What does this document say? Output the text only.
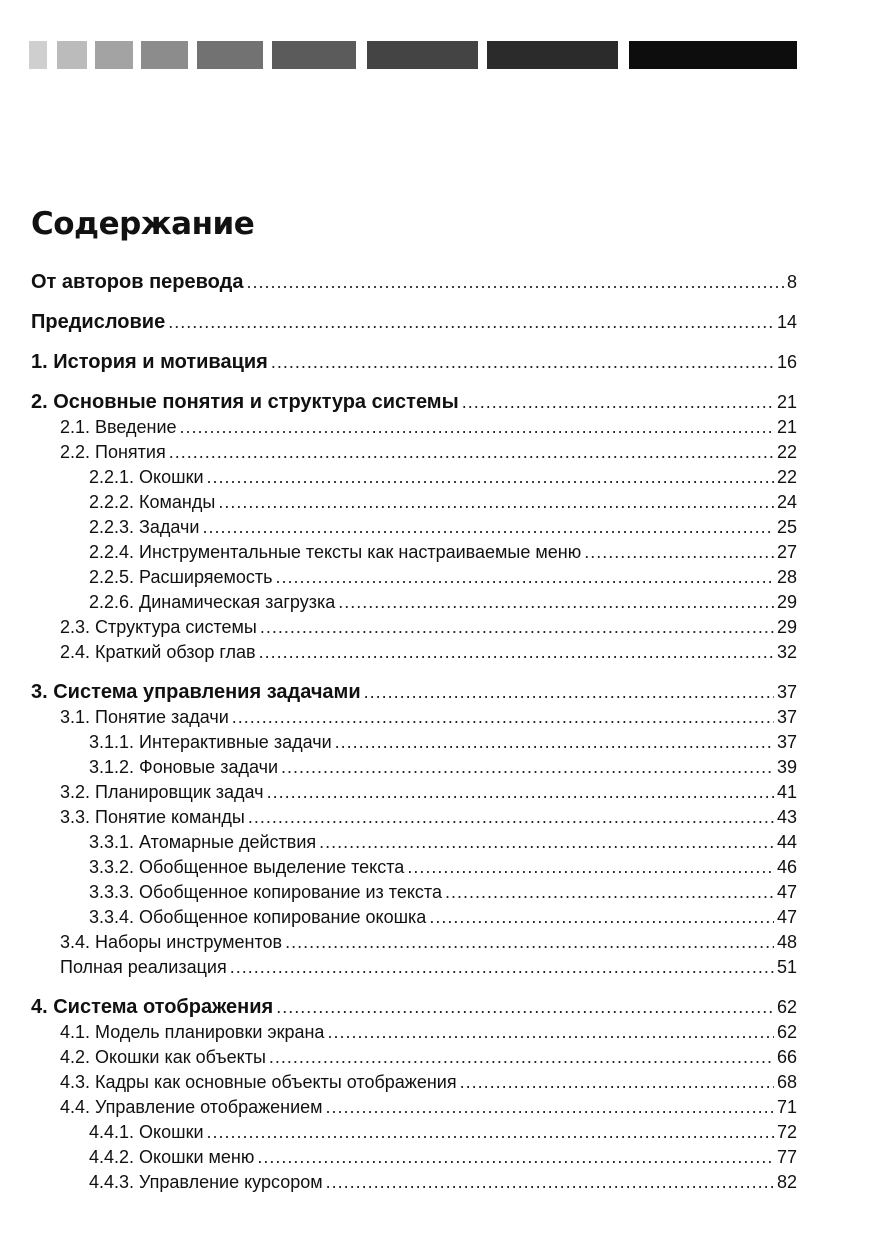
Содержание
От авторов перевода .....	8
Предисловие .....	14
1. История и мотивация .....	16
2. Основные понятия и структура системы .....	21
2.1. Введение .....	21
2.2. Понятия .....	22
2.2.1. Окошки .....	22
2.2.2. Команды .....	24
2.2.3. Задачи .....	25
2.2.4. Инструментальные тексты как настраиваемые меню .....	27
2.2.5. Расширяемость .....	28
2.2.6. Динамическая загрузка .....	29
2.3. Структура системы .....	29
2.4. Краткий обзор глав .....	32
3. Система управления задачами .....	37
3.1. Понятие задачи .....	37
3.1.1. Интерактивные задачи .....	37
3.1.2. Фоновые задачи .....	39
3.2. Планировщик задач .....	41
3.3. Понятие команды .....	43
3.3.1. Атомарные действия .....	44
3.3.2. Обобщенное выделение текста .....	46
3.3.3. Обобщенное копирование из текста .....	47
3.3.4. Обобщенное копирование окошка .....	47
3.4. Наборы инструментов .....	48
Полная реализация .....	51
4. Система отображения .....	62
4.1. Модель планировки экрана .....	62
4.2. Окошки как объекты .....	66
4.3. Кадры как основные объекты отображения .....	68
4.4. Управление отображением .....	71
4.4.1. Окошки .....	72
4.4.2. Окошки меню .....	77
4.4.3. Управление курсором .....	82
